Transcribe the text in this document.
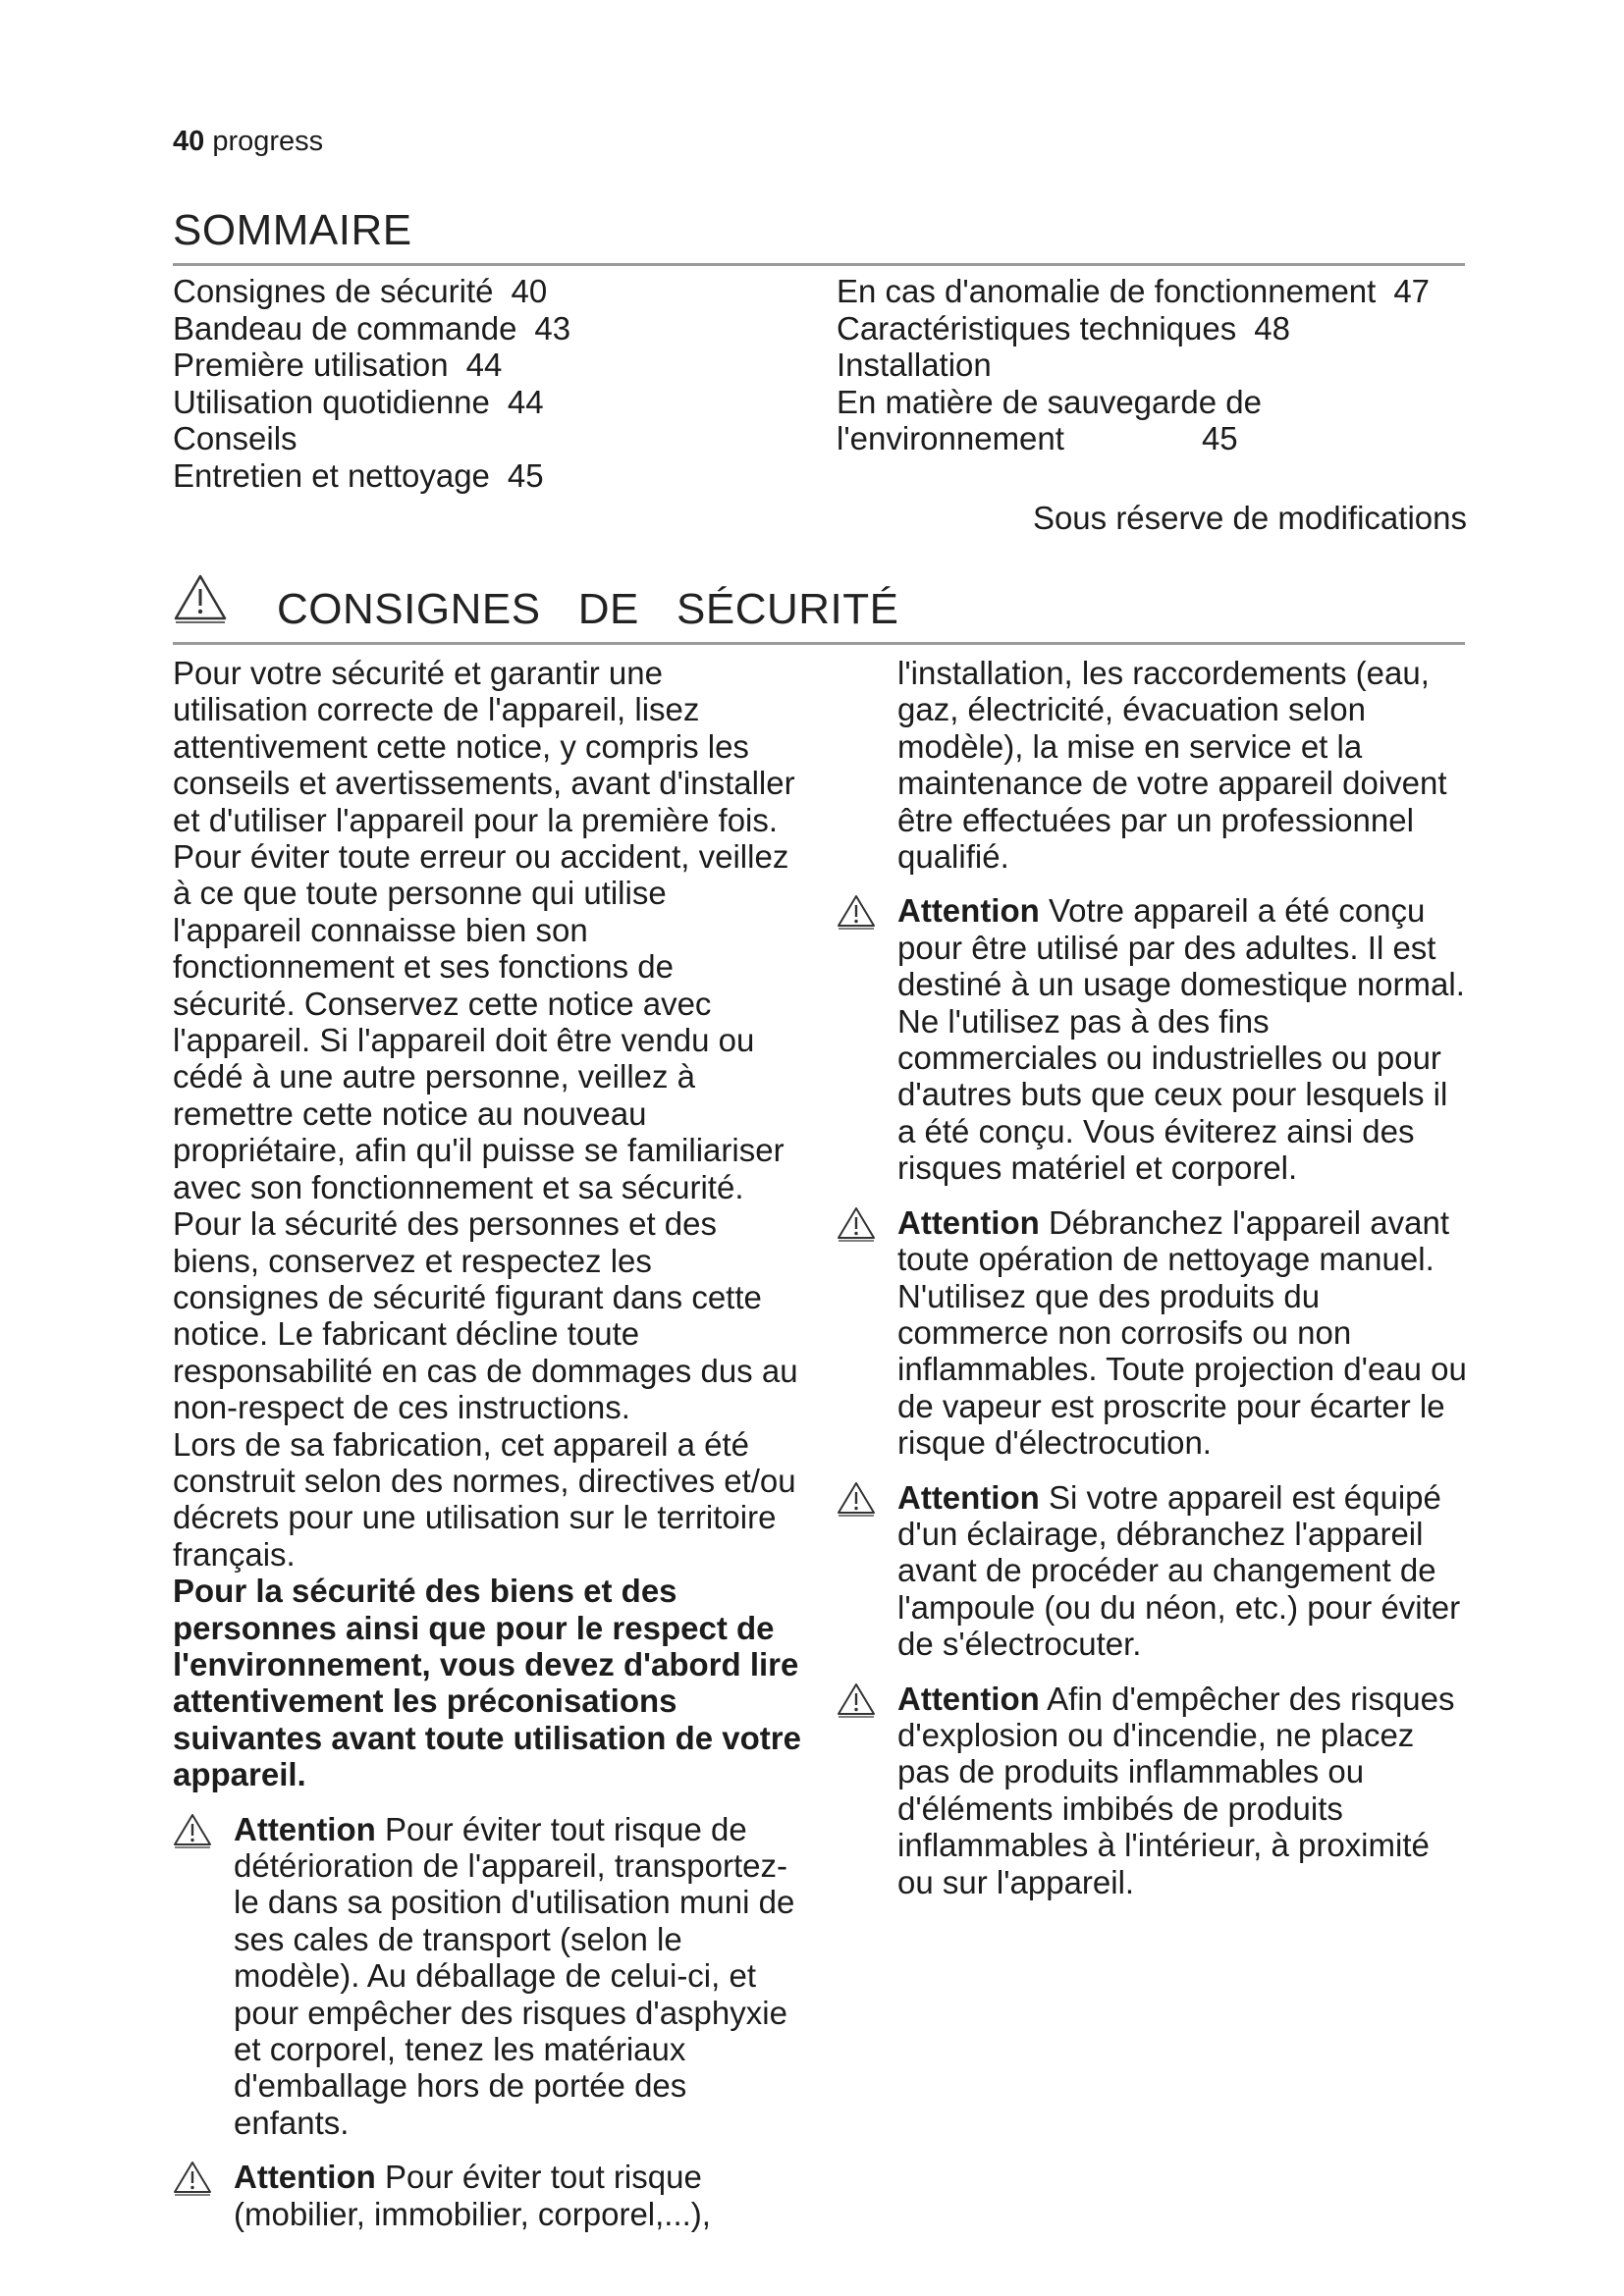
40 progress
SOMMAIRE
Consignes de sécurité 40
Bandeau de commande 43
Première utilisation 44
Utilisation quotidienne 44
Conseils
Entretien et nettoyage 45
En cas d'anomalie de fonctionnement 47
Caractéristiques techniques 48
Installation
En matière de sauvegarde de
l'environnement	45
Sous réserve de modifications
CONSIGNES   DE   SÉCURITÉ

Pour votre sécurité et garantir une utilisation correcte de l'appareil, lisez attentivement cette notice, y compris les conseils et avertissements, avant d'installer et d'utiliser l'appareil pour la première fois. Pour éviter toute erreur ou accident, veillez à ce que toute personne qui utilise l'appareil connaisse bien son fonctionnement et ses fonctions de sécurité. Conservez cette notice avec l'appareil. Si l'appareil doit être vendu ou cédé à une autre personne, veillez à remettre cette notice au nouveau propriétaire, afin qu'il puisse se familiariser avec son fonctionnement et sa sécurité.

Pour la sécurité des personnes et des biens, conservez et respectez les consignes de sécurité figurant dans cette notice. Le fabricant décline toute responsabilité en cas de dommages dus au non-respect de ces instructions.

Lors de sa fabrication, cet appareil a été construit selon des normes, directives et/ou décrets pour une utilisation sur le territoire français.

Pour la sécurité des biens et des personnes ainsi que pour le respect de l'environnement, vous devez d'abord lire attentivement les préconisations suivantes avant toute utilisation de votre appareil.

Attention Pour éviter tout risque de détérioration de l'appareil, transportez-le dans sa position d'utilisation muni de ses cales de transport (selon le modèle). Au déballage de celui-ci, et pour empêcher des risques d'asphyxie et corporel, tenez les matériaux d'emballage hors de portée des enfants.
Attention Pour éviter tout risque (mobilier, immobilier, corporel,...),

l'installation, les raccordements (eau, gaz, électricité, évacuation selon modèle), la mise en service et la maintenance de votre appareil doivent être effectuées par un professionnel qualifié.

Attention Votre appareil a été conçu pour être utilisé par des adultes. Il est destiné à un usage domestique normal. Ne l'utilisez pas à des fins commerciales ou industrielles ou pour d'autres buts que ceux pour lesquels il a été conçu. Vous éviterez ainsi des risques matériel et corporel.
Attention Débranchez l'appareil avant toute opération de nettoyage manuel. N'utilisez que des produits du commerce non corrosifs ou non inflammables. Toute projection d'eau ou de vapeur est proscrite pour écarter le risque d'électrocution.
Attention Si votre appareil est équipé d'un éclairage, débranchez l'appareil avant de procéder au changement de l'ampoule (ou du néon, etc.) pour éviter de s'électrocuter.
Attention Afin d'empêcher des risques d'explosion ou d'incendie, ne placez pas de produits inflammables ou d'éléments imbibés de produits inflammables à l'intérieur, à proximité ou sur l'appareil.
